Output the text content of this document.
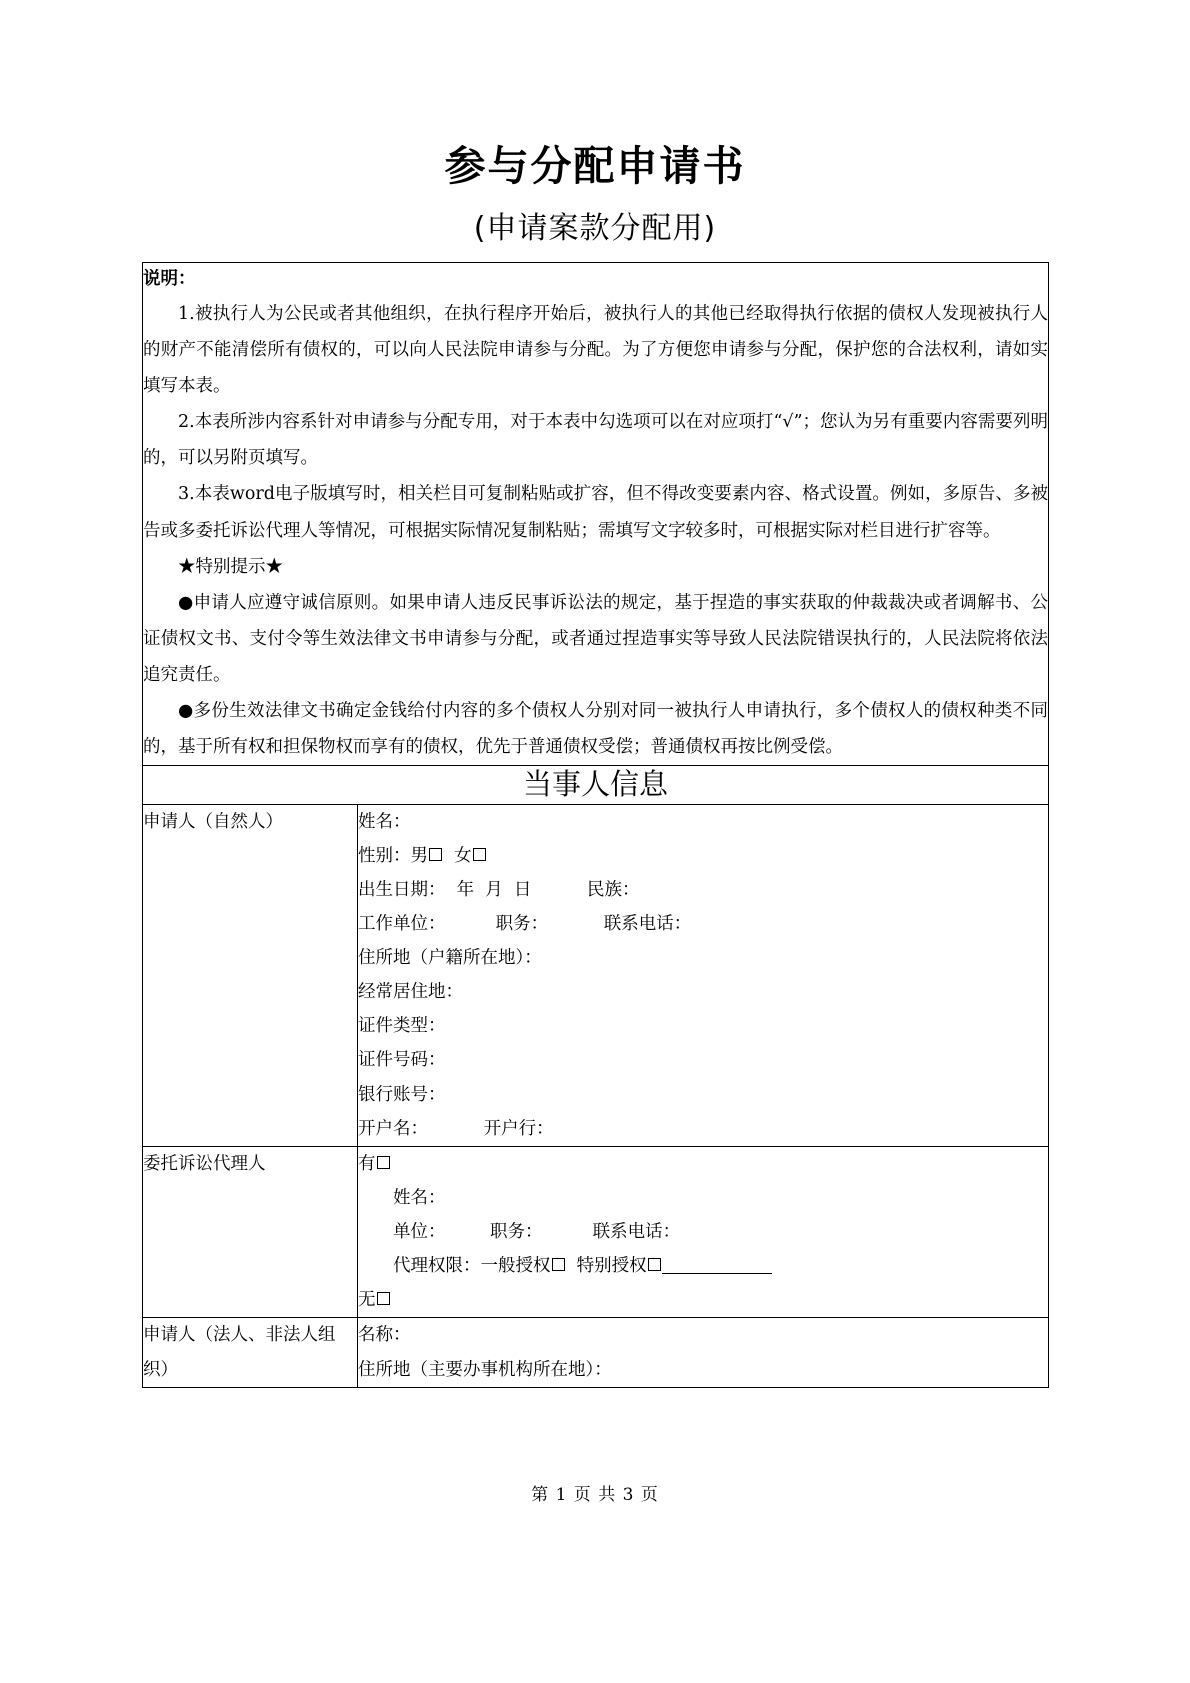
参与分配申请书
(申请案款分配用)
说明：

1.被执行人为公民或者其他组织，在执行程序开始后，被执行人的其他已经取得执行依据的债权人发现被执行人的财产不能清偿所有债权的，可以向人民法院申请参与分配。为了方便您申请参与分配，保护您的合法权利，请如实填写本表。

2.本表所涉内容系针对申请参与分配专用，对于本表中勾选项可以在对应项打“√”；您认为另有重要内容需要列明的，可以另附页填写。

3.本表word电子版填写时，相关栏目可复制粘贴或扩容，但不得改变要素内容、格式设置。例如，多原告、多被告或多委托诉讼代理人等情况，可根据实际情况复制粘贴；需填写文字较多时，可根据实际对栏目进行扩容等。

★特别提示★

●申请人应遵守诚信原则。如果申请人违反民事诉讼法的规定，基于捏造的事实获取的仲裁裁决或者调解书、公证债权文书、支付令等生效法律文书申请参与分配，或者通过捏造事实等导致人民法院错误执行的，人民法院将依法追究责任。

●多份生效法律文书确定金钱给付内容的多个债权人分别对同一被执行人申请执行，多个债权人的债权种类不同的，基于所有权和担保物权而享有的债权，优先于普通债权受偿；普通债权再按比例受偿。

当事人信息	
申请人（自然人）	姓名：
性别：男  女
出生日期：  年  月  日          民族：
工作单位：         职务：          联系电话：
住所地（户籍所在地）：
经常居住地：
证件类型：
证件号码：
银行账号：
开户名：          开户行：

委托诉讼代理人	有
姓名：
单位：        职务：         联系电话：
代理权限：一般授权  特别授权
无

申请人（法人、非法人组织）	名称：
住所地（主要办事机构所在地）：
第 1 页 共 3 页
